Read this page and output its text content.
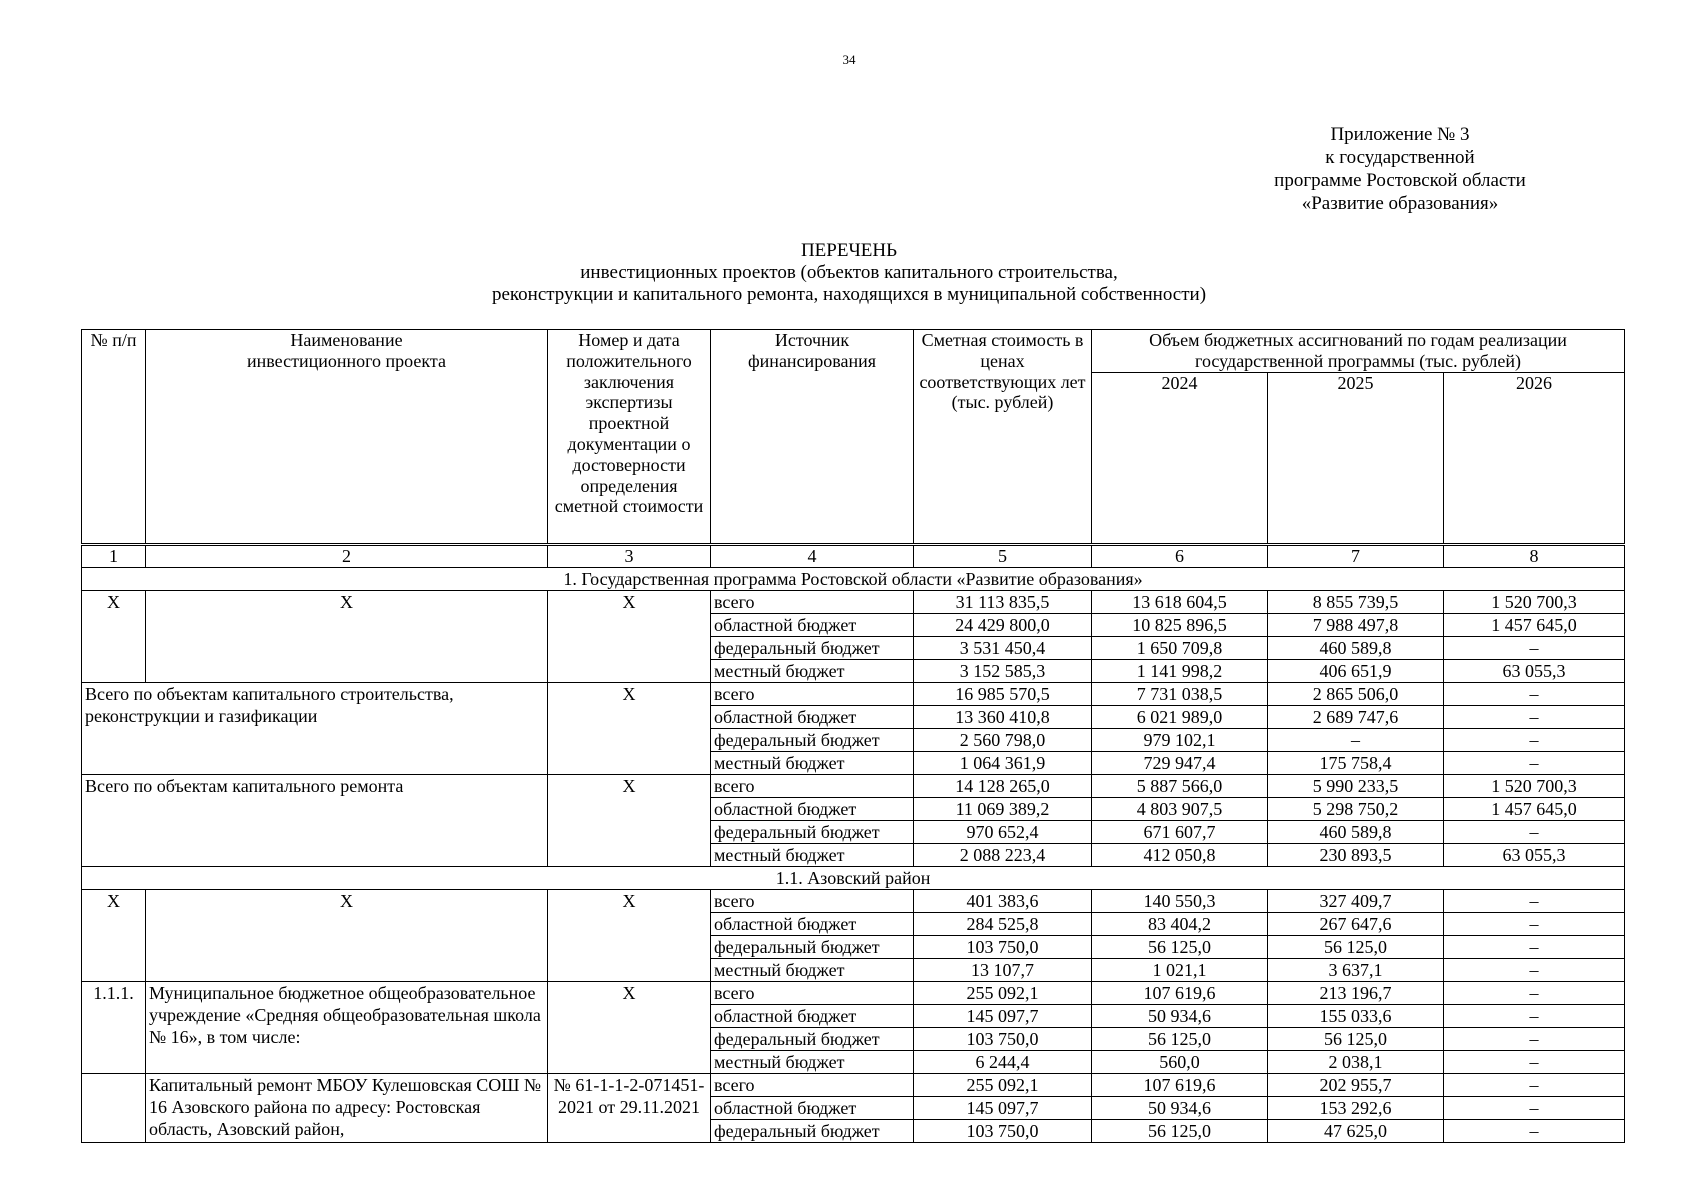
34
Приложение № 3
к государственной
программе Ростовской области
«Развитие образования»
ПЕРЕЧЕНЬ
инвестиционных проектов (объектов капитального строительства,
реконструкции и капитального ремонта, находящихся в муниципальной собственности)
№ п/п	Наименование инвестиционного проекта	Номер и дата положительного заключения экспертизы проектной документации о достоверности определения сметной стоимости	Источник финансирования	Сметная стоимость в ценах соответствующих лет (тыс. рублей)	Объем бюджетных ассигнований по годам реализации государственной программы (тыс. рублей)		
					2024	2025	2026
1	2	3	4	5	6	7	8
1. Государственная программа Ростовской области «Развитие образования»							
X	X	X	всего	31 113 835,5	13 618 604,5	8 855 739,5	1 520 700,3
			областной бюджет	24 429 800,0	10 825 896,5	7 988 497,8	1 457 645,0
			федеральный бюджет	3 531 450,4	1 650 709,8	460 589,8	–
			местный бюджет	3 152 585,3	1 141 998,2	406 651,9	63 055,3
Всего по объектам капитального строительства, реконструкции и газификации		X	всего	16 985 570,5	7 731 038,5	2 865 506,0	–
			областной бюджет	13 360 410,8	6 021 989,0	2 689 747,6	–
			федеральный бюджет	2 560 798,0	979 102,1	–	–
			местный бюджет	1 064 361,9	729 947,4	175 758,4	–
Всего по объектам капитального ремонта		X	всего	14 128 265,0	5 887 566,0	5 990 233,5	1 520 700,3
			областной бюджет	11 069 389,2	4 803 907,5	5 298 750,2	1 457 645,0
			федеральный бюджет	970 652,4	671 607,7	460 589,8	–
			местный бюджет	2 088 223,4	412 050,8	230 893,5	63 055,3
1.1. Азовский район							
X	X	X	всего	401 383,6	140 550,3	327 409,7	–
			областной бюджет	284 525,8	83 404,2	267 647,6	–
			федеральный бюджет	103 750,0	56 125,0	56 125,0	–
			местный бюджет	13 107,7	1 021,1	3 637,1	–
1.1.1.	Муниципальное бюджетное общеобразовательное учреждение «Средняя общеобразовательная школа № 16», в том числе:	X	всего	255 092,1	107 619,6	213 196,7	–
			областной бюджет	145 097,7	50 934,6	155 033,6	–
			федеральный бюджет	103 750,0	56 125,0	56 125,0	–
			местный бюджет	6 244,4	560,0	2 038,1	–
	Капитальный ремонт МБОУ Кулешовская СОШ № 16 Азовского района по адресу: Ростовская область, Азовский район,	№ 61-1-1-2-071451-2021 от 29.11.2021	всего	255 092,1	107 619,6	202 955,7	–
			областной бюджет	145 097,7	50 934,6	153 292,6	–
			федеральный бюджет	103 750,0	56 125,0	47 625,0	–
